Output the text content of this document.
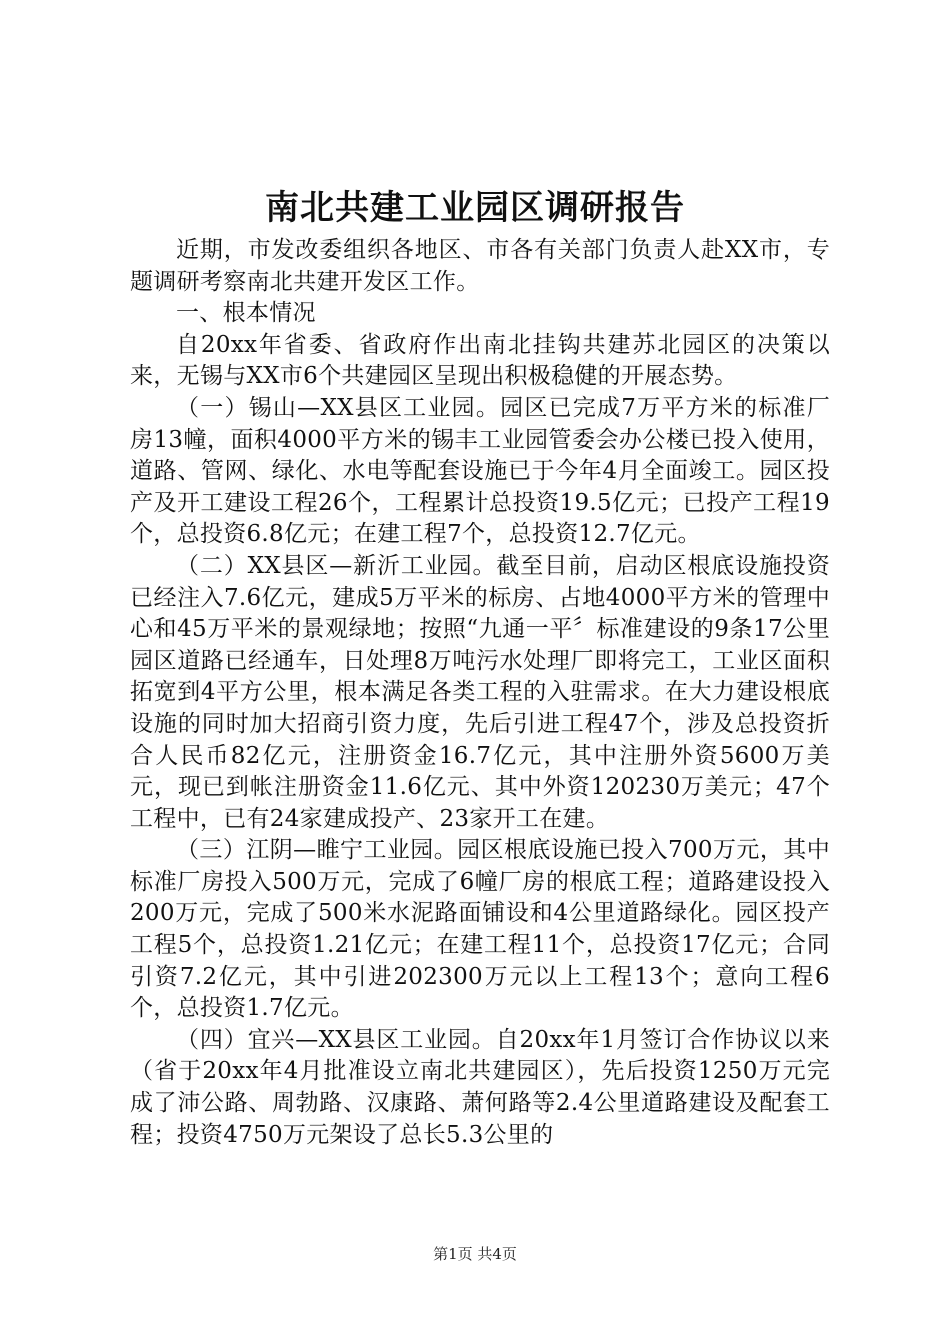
南北共建工业园区调研报告

近期，市发改委组织各地区、市各有关部门负责人赴XX市，专题调研考察南北共建开发区工作。

一、根本情况

自20xx年省委、省政府作出南北挂钩共建苏北园区的决策以来，无锡与XX市6个共建园区呈现出积极稳健的开展态势。

（一）锡山—XX县区工业园。园区已完成7万平方米的标准厂房13幢，面积4000平方米的锡丰工业园管委会办公楼已投入使用，道路、管网、绿化、水电等配套设施已于今年4月全面竣工。园区投产及开工建设工程26个，工程累计总投资19.5亿元；已投产工程19个，总投资6.8亿元；在建工程7个，总投资12.7亿元。

（二）XX县区—新沂工业园。截至目前，启动区根底设施投资已经注入7.6亿元，建成5万平米的标房、占地4000平方米的管理中心和45万平米的景观绿地；按照“九通一平〞标准建设的9条17公里园区道路已经通车，日处理8万吨污水处理厂即将完工，工业区面积拓宽到4平方公里，根本满足各类工程的入驻需求。在大力建设根底设施的同时加大招商引资力度，先后引进工程47个，涉及总投资折合人民币82亿元，注册资金16.7亿元，其中注册外资5600万美元，现已到帐注册资金11.6亿元、其中外资120230万美元；47个工程中，已有24家建成投产、23家开工在建。

（三）江阴—睢宁工业园。园区根底设施已投入700万元，其中标准厂房投入500万元，完成了6幢厂房的根底工程；道路建设投入200万元，完成了500米水泥路面铺设和4公里道路绿化。园区投产工程5个，总投资1.21亿元；在建工程11个，总投资17亿元；合同引资7.2亿元，其中引进202300万元以上工程13个；意向工程6个，总投资1.7亿元。

（四）宜兴—XX县区工业园。自20xx年1月签订合作协议以来（省于20xx年4月批准设立南北共建园区），先后投资1250万元完成了沛公路、周勃路、汉康路、萧何路等2.4公里道路建设及配套工程；投资4750万元架设了总长5.3公里的

第1页 共4页
